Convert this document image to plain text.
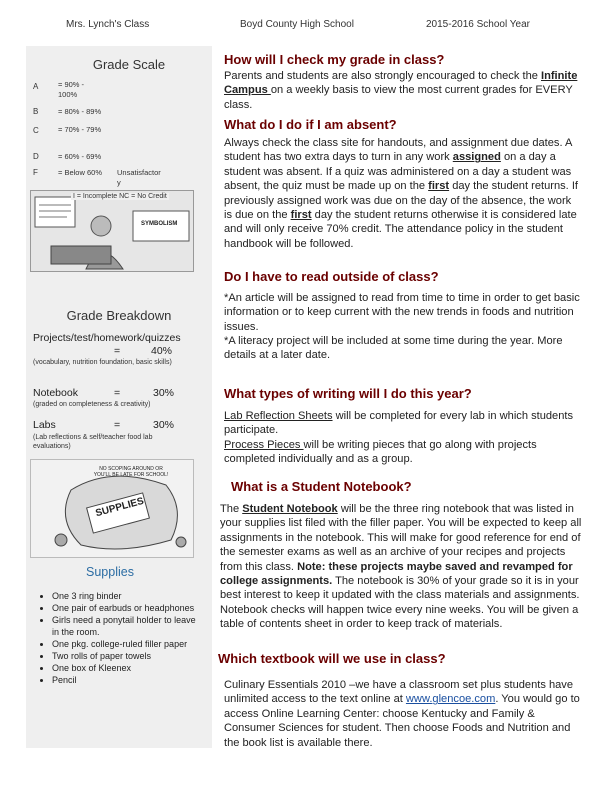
Mrs. Lynch's Class	Boyd County High School	2015-2016 School Year
Grade Scale
A	= 90% - 100%
B	= 80% - 89%
C	= 70% - 79%
D	= 60% - 69%
F	= Below 60% Unsatisfactory
I = Incomplete NC = No Credit
SYMBOLISM
Grade Breakdown
Projects/test/homework/quizzes
=	40%
(vocabulary, nutrition foundation, basic skills)
Notebook	=	30%
(graded on completeness & creativity)
Labs	=	30%
(Lab reflections & self/teacher food lab evaluations)
SUPPLIES
NO SCOPING AROUND OR YOU'LL BE LATE FOR SCHOOL!
Supplies
• One 3 ring binder
• One pair of earbuds or headphones
• Girls need a ponytail holder to leave in the room.
• One pkg. college-ruled filler paper
• Two rolls of paper towels
• One box of Kleenex
• Pencil
How will I check my grade in class?

Parents and students are also strongly encouraged to check the Infinite Campus on a weekly basis to view the most current grades for EVERY class.

What do I do if I am absent?

Always check the class site for handouts, and assignment due dates. A student has two extra days to turn in any work assigned on a day a student was absent. If a quiz was administered on a day a student was absent, the quiz must be made up on the first day the student returns. If previously assigned work was due on the day of the absence, the work is due on the first day the student returns otherwise it is considered late and will only receive 70% credit. The attendance policy in the student handbook will be followed.

Do I have to read outside of class?

*An article will be assigned to read from time to time in order to get basic information or to keep current with the new trends in foods and nutrition issues.

*A literacy project will be included at some time during the year. More details at a later date.

What types of writing will I do this year?

Lab Reflection Sheets will be completed for every lab in which students participate.

Process Pieces will be writing pieces that go along with projects completed individually and as a group.

What is a Student Notebook?

The Student Notebook will be the three ring notebook that was listed in your supplies list filed with the filler paper. You will be expected to keep all assignments in the notebook. This will make for good reference for end of the semester exams as well as an archive of your recipes and projects from this class. Note: these projects maybe saved and revamped for college assignments. The notebook is 30% of your grade so it is in your best interest to keep it updated with the class materials and assignments. Notebook checks will happen twice every nine weeks. You will be given a table of contents sheet in order to keep track of materials.

Which textbook will we use in class?

Culinary Essentials 2010 –we have a classroom set plus students have unlimited access to the text online at www.glencoe.com. You would go to access Online Learning Center: choose Kentucky and Family & Consumer Sciences for student. Then choose Foods and Nutrition and the book list is available there.
